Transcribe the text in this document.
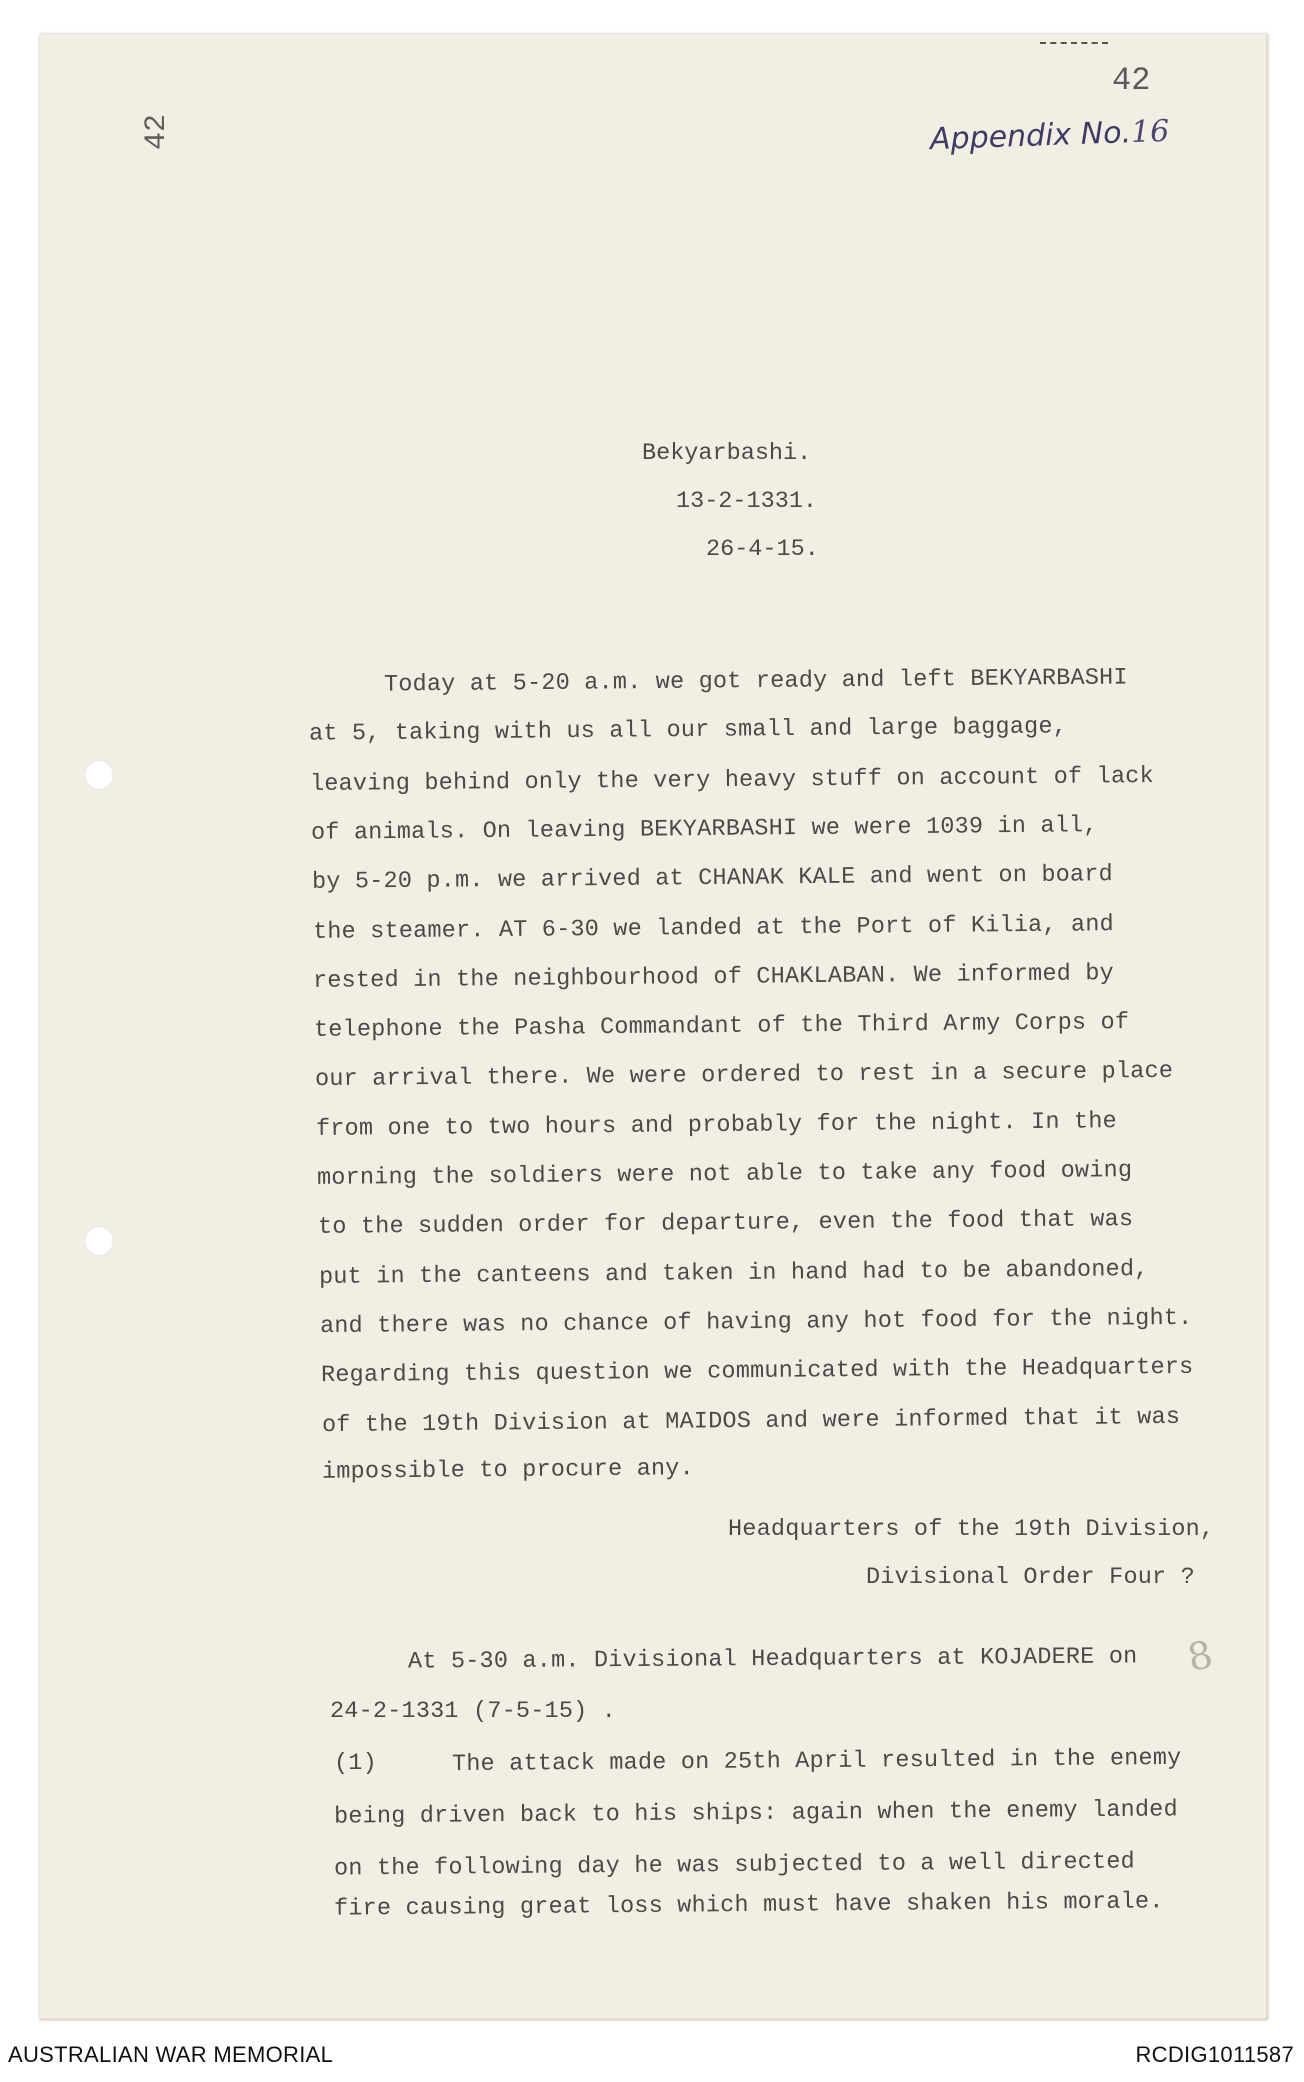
42
42	Appendix No.16
Bekyarbashi.
13-2-1331.
26-4-15.
Today at 5-20 a.m. we got ready and left BEKYARBASHI
at 5, taking with us all our small and large baggage,
leaving behind only the very heavy stuff on account of lack
of animals. On leaving BEKYARBASHI we were 1039 in all,
by 5-20 p.m. we arrived at CHANAK KALE and went on board
the steamer. AT 6-30 we landed at the Port of Kilia, and
rested in the neighbourhood of CHAKLABAN. We informed by
telephone the Pasha Commandant of the Third Army Corps of
our arrival there. We were ordered to rest in a secure place
from one to two hours and probably for the night. In the
morning the soldiers were not able to take any food owing
to the sudden order for departure, even the food that was
put in the canteens and taken in hand had to be abandoned,
and there was no chance of having any hot food for the night.
Regarding this question we communicated with the Headquarters
of the 19th Division at MAIDOS and were informed that it was
impossible to procure any.
Headquarters of the 19th Division,
Divisional Order Four ?
At 5-30 a.m. Divisional Headquarters at KOJADERE on
24-2-1331 (7-5-15) .
(1)	The attack made on 25th April resulted in the enemy
being driven back to his ships: again when the enemy landed
on the following day he was subjected to a well directed
fire causing great loss which must have shaken his morale.
8
AUSTRALIAN WAR MEMORIAL	RCDIG1011587
